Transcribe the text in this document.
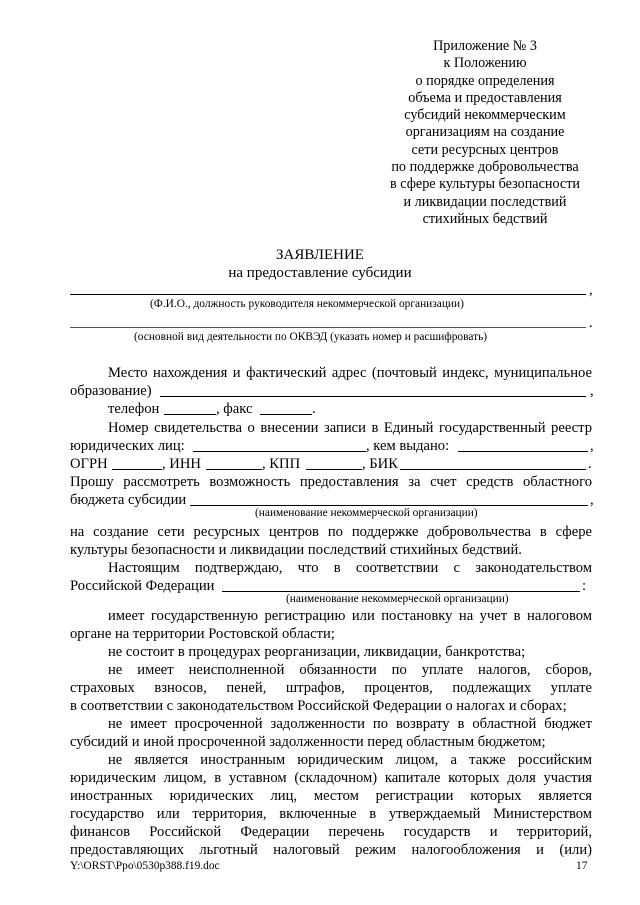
Приложение № 3
к Положению
о порядке определения
объема и предоставления
субсидий некоммерческим
организациям на создание
сети ресурсных центров
по поддержке добровольчества
в сфере культуры безопасности
и ликвидации последствий
стихийных бедствий
ЗАЯВЛЕНИЕ
на предоставление субсидии
,
(Ф.И.О., должность руководителя некоммерческой организации)
.
(основной вид деятельности по ОКВЭД (указать номер и расшифровать)
Место нахождения и фактический адрес (почтовый индекс, муниципальное
образование)	,
телефон	, факс	.
Номер свидетельства о внесении записи в Единый государственный реестр
юридических лиц:	, кем выдано:	,
ОГРН	, ИНН	, КПП	, БИК	.
Прошу рассмотреть возможность предоставления за счет средств областного
бюджета субсидии	,
(наименование некоммерческой организации)
на создание сети ресурсных центров по поддержке добровольчества в сфере
культуры безопасности и ликвидации последствий стихийных бедствий.
Настоящим подтверждаю, что в соответствии с законодательством
Российской Федерации	:
(наименование некоммерческой организации)
имеет государственную регистрацию или постановку на учет в налоговом
органе на территории Ростовской области;
не состоит в процедурах реорганизации, ликвидации, банкротства;
не имеет неисполненной обязанности по уплате налогов, сборов,
страховых взносов, пеней, штрафов, процентов, подлежащих уплате
в соответствии с законодательством Российской Федерации о налогах и сборах;
не имеет просроченной задолженности по возврату в областной бюджет
субсидий и иной просроченной задолженности перед областным бюджетом;
не является иностранным юридическим лицом, а также российским
юридическим лицом, в уставном (складочном) капитале которых доля участия
иностранных юридических лиц, местом регистрации которых является
государство или территория, включенные в утверждаемый Министерством
финансов Российской Федерации перечень государств и территорий,
предоставляющих льготный налоговый режим налогообложения и (или)
Y:\ORST\Ppo\0530p388.f19.doc	17
